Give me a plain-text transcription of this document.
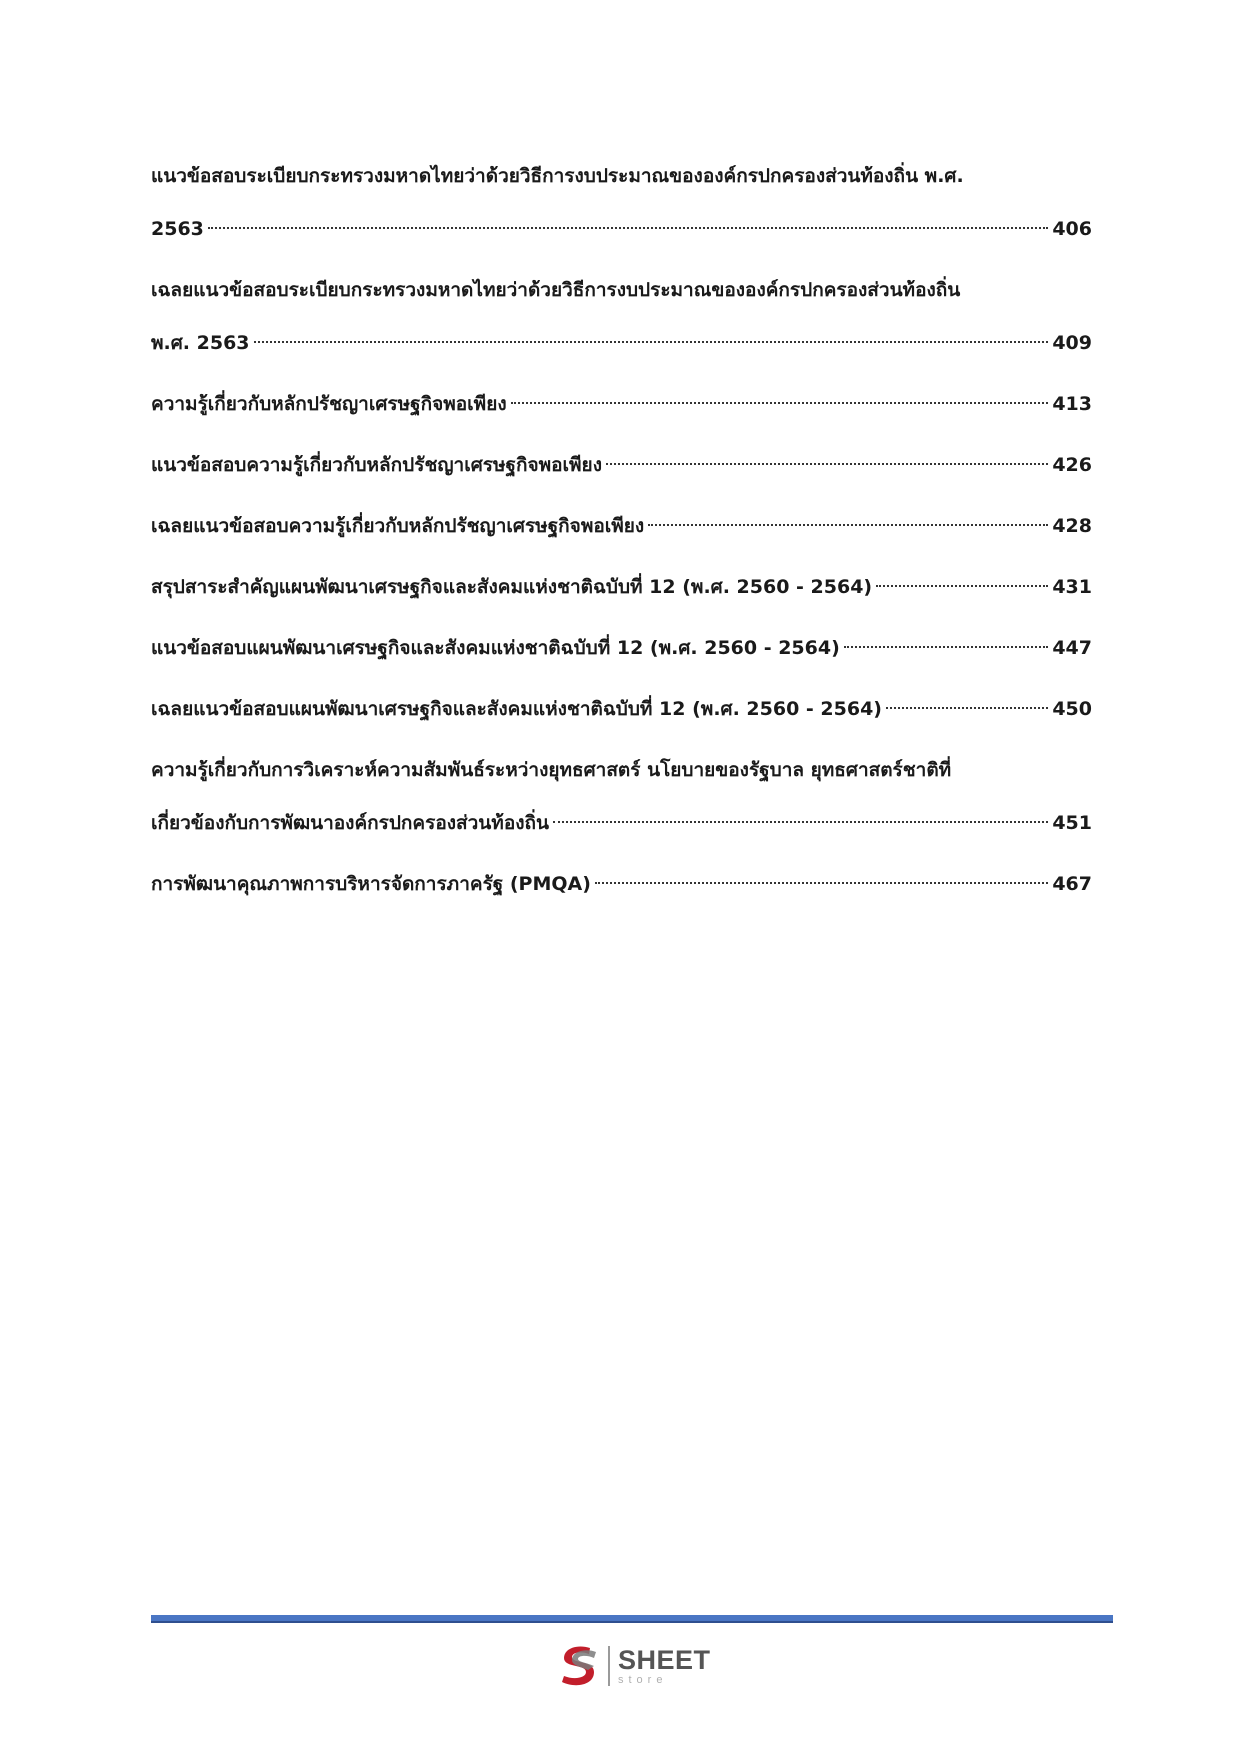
แนวข้อสอบระเบียบกระทรวงมหาดไทยว่าด้วยวิธีการงบประมาณขององค์กรปกครองส่วนท้องถิ่น พ.ศ.
2563	406
เฉลยแนวข้อสอบระเบียบกระทรวงมหาดไทยว่าด้วยวิธีการงบประมาณขององค์กรปกครองส่วนท้องถิ่น
พ.ศ. 2563	409
ความรู้เกี่ยวกับหลักปรัชญาเศรษฐกิจพอเพียง	413
แนวข้อสอบความรู้เกี่ยวกับหลักปรัชญาเศรษฐกิจพอเพียง	426
เฉลยแนวข้อสอบความรู้เกี่ยวกับหลักปรัชญาเศรษฐกิจพอเพียง	428
สรุปสาระสำคัญแผนพัฒนาเศรษฐกิจและสังคมแห่งชาติฉบับที่ 12 (พ.ศ. 2560 - 2564)	431
แนวข้อสอบแผนพัฒนาเศรษฐกิจและสังคมแห่งชาติฉบับที่ 12 (พ.ศ. 2560 - 2564)	447
เฉลยแนวข้อสอบแผนพัฒนาเศรษฐกิจและสังคมแห่งชาติฉบับที่ 12 (พ.ศ. 2560 - 2564)	450
ความรู้เกี่ยวกับการวิเคราะห์ความสัมพันธ์ระหว่างยุทธศาสตร์ นโยบายของรัฐบาล ยุทธศาสตร์ชาติที่
เกี่ยวข้องกับการพัฒนาองค์กรปกครองส่วนท้องถิ่น	451
การพัฒนาคุณภาพการบริหารจัดการภาครัฐ (PMQA)	467
SHEET
store
